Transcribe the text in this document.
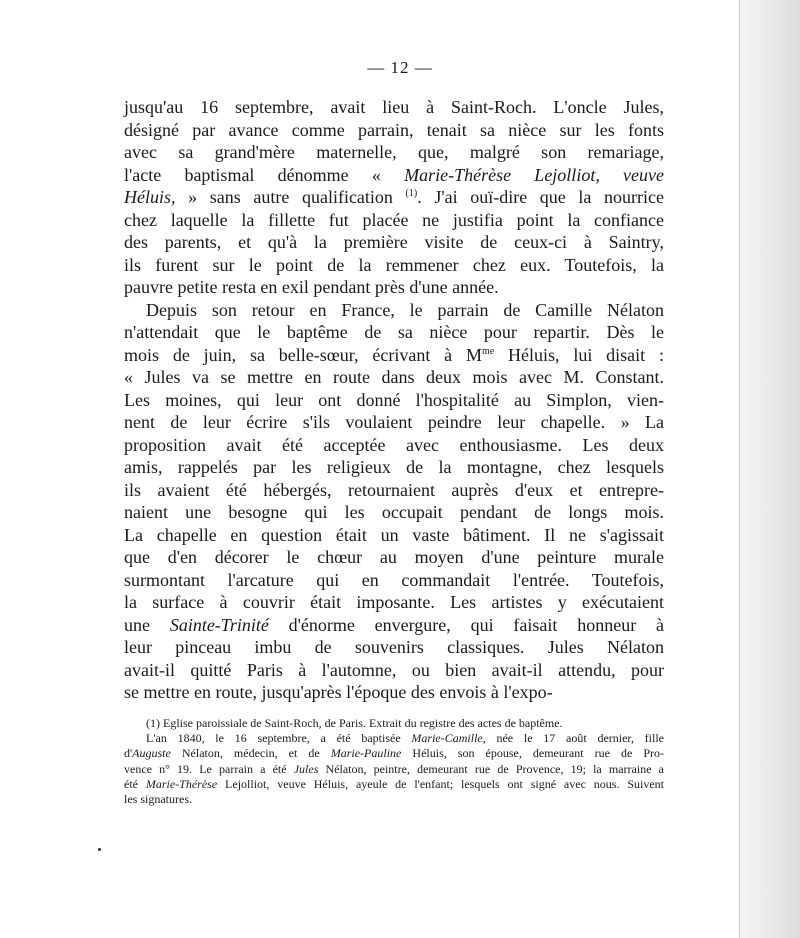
— 12 —
jusqu'au 16 septembre, avait lieu à Saint-Roch. L'oncle Jules,
désigné par avance comme parrain, tenait sa nièce sur les fonts
avec sa grand'mère maternelle, que, malgré son remariage,
l'acte baptismal dénomme « Marie-Thérèse Lejolliot, veuve
Héluis, » sans autre qualification $^{(1)}$. J'ai ouï-dire que la nourrice
chez laquelle la fillette fut placée ne justifia point la confiance
des parents, et qu'à la première visite de ceux-ci à Saintry,
ils furent sur le point de la remmener chez eux. Toutefois, la
pauvre petite resta en exil pendant près d'une année.
Depuis son retour en France, le parrain de Camille Nélaton
n'attendait que le baptême de sa nièce pour repartir. Dès le
mois de juin, sa belle-sœur, écrivant à $M^{me}$ Héluis, lui disait :
« Jules va se mettre en route dans deux mois avec M. Constant.
Les moines, qui leur ont donné l'hospitalité au Simplon, vien-
nent de leur écrire s'ils voulaient peindre leur chapelle. » La
proposition avait été acceptée avec enthousiasme. Les deux
amis, rappelés par les religieux de la montagne, chez lesquels
ils avaient été hébergés, retournaient auprès d'eux et entrepre-
naient une besogne qui les occupait pendant de longs mois.
La chapelle en question était un vaste bâtiment. Il ne s'agissait
que d'en décorer le chœur au moyen d'une peinture murale
surmontant l'arcature qui en commandait l'entrée. Toutefois,
la surface à couvrir était imposante. Les artistes y exécutaient
une Sainte-Trinité d'énorme envergure, qui faisait honneur à
leur pinceau imbu de souvenirs classiques. Jules Nélaton
avait-il quitté Paris à l'automne, ou bien avait-il attendu, pour
se mettre en route, jusqu'après l'époque des envois à l'expo-
(1) Eglise paroissiale de Saint-Roch, de Paris. Extrait du registre des actes de baptême.
L'an 1840, le 16 septembre, a été baptisée Marie-Camille, née le 17 août dernier, fille
d'Auguste Nélaton, médecin, et de Marie-Pauline Héluis, son épouse, demeurant rue de Pro-
vence n° 19. Le parrain a été Jules Nélaton, peintre, demeurant rue de Provence, 19; la marraine a
été Marie-Thérèse Lejolliot, veuve Héluis, ayeule de l'enfant; lesquels ont signé avec nous. Suivent
les signatures.
